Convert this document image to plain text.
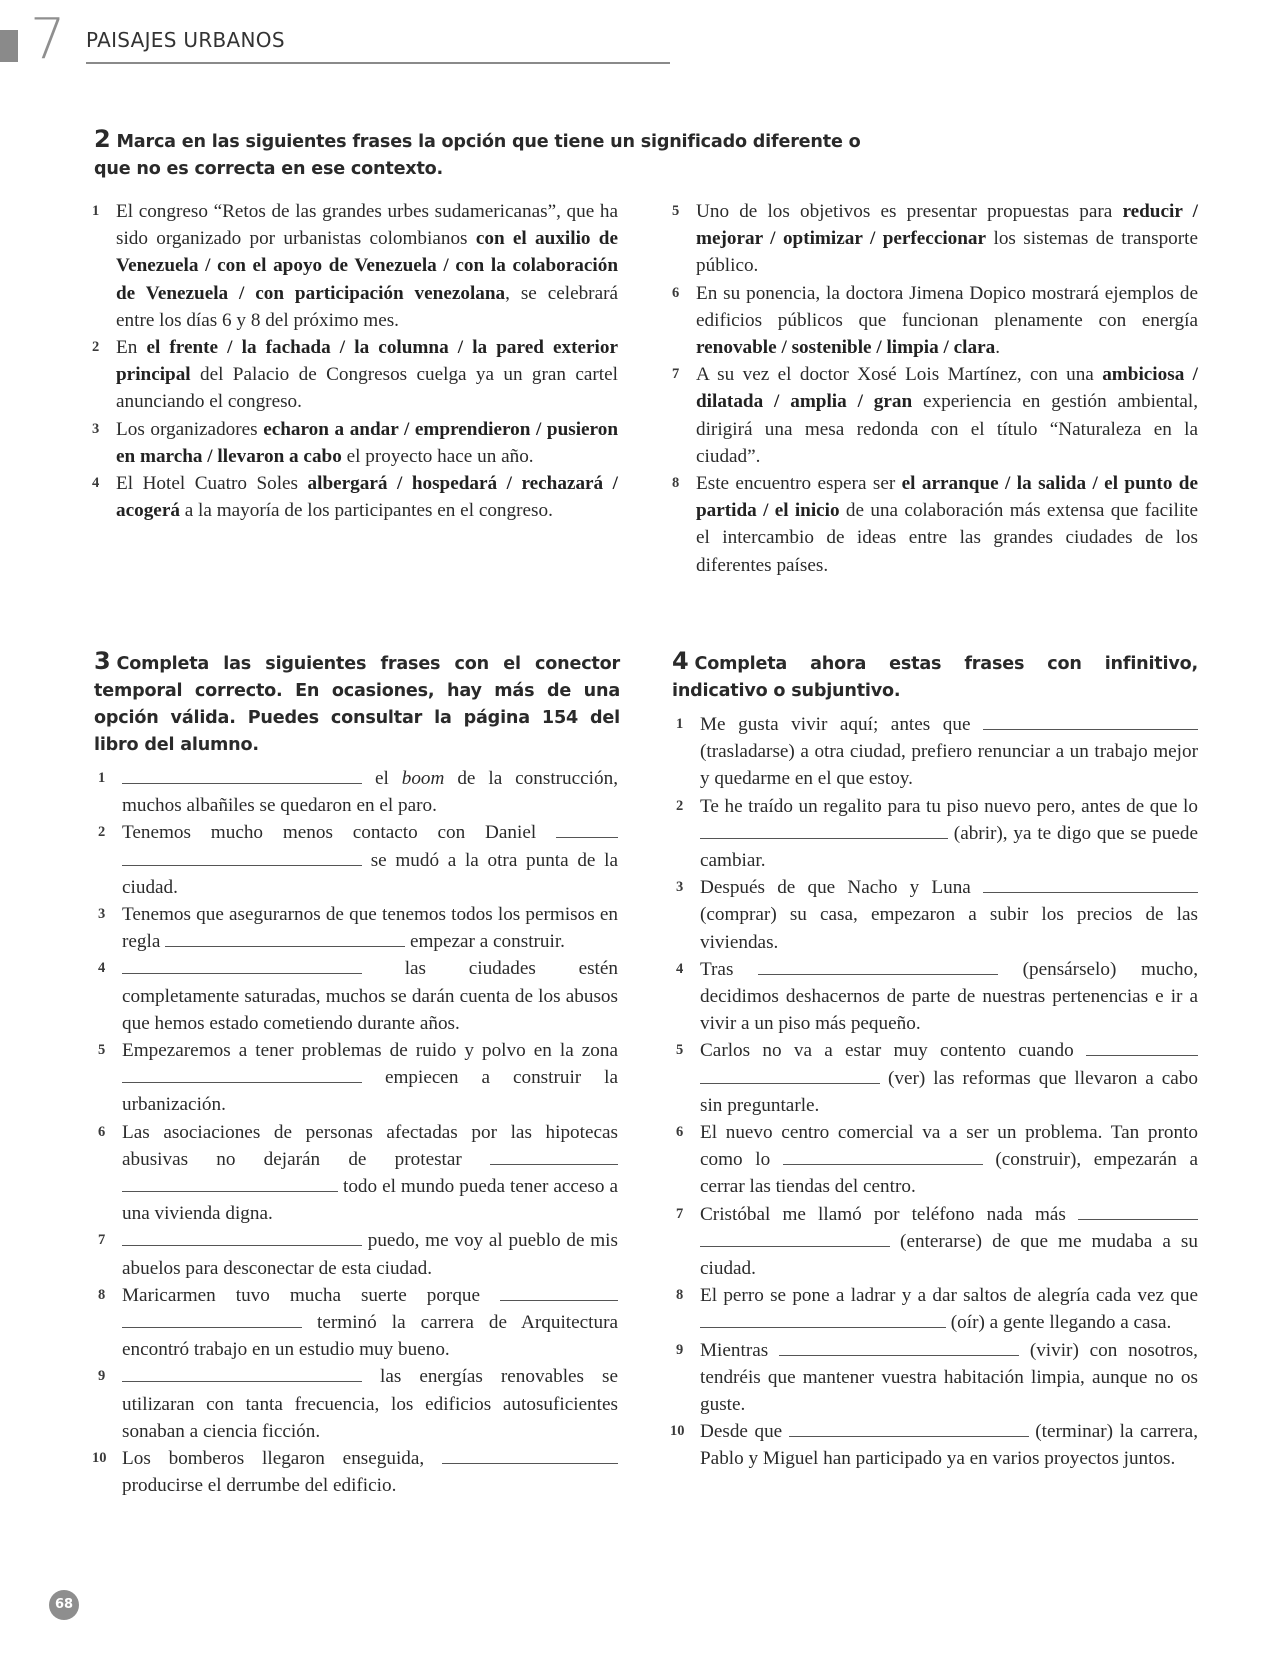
7 PAISAJES URBANOS
2 Marca en las siguientes frases la opción que tiene un significado diferente o que no es correcta en ese contexto.
1 El congreso “Retos de las grandes urbes sudamericanas”, que ha sido organizado por urbanistas colombianos con el auxilio de Venezuela / con el apoyo de Venezuela / con la colaboración de Venezuela / con participación venezolana, se celebrará entre los días 6 y 8 del próximo mes.
2 En el frente / la fachada / la columna / la pared exterior principal del Palacio de Congresos cuelga ya un gran cartel anunciando el congreso.
3 Los organizadores echaron a andar / emprendieron / pusieron en marcha / llevaron a cabo el proyecto hace un año.
4 El Hotel Cuatro Soles albergará / hospedará / rechazará / acogerá a la mayoría de los participantes en el congreso.
5 Uno de los objetivos es presentar propuestas para reducir / mejorar / optimizar / perfeccionar los sistemas de transporte público.
6 En su ponencia, la doctora Jimena Dopico mostrará ejemplos de edificios públicos que funcionan plenamente con energía renovable / sostenible / limpia / clara.
7 A su vez el doctor Xosé Lois Martínez, con una ambiciosa / dilatada / amplia / gran experiencia en gestión ambiental, dirigirá una mesa redonda con el título “Naturaleza en la ciudad”.
8 Este encuentro espera ser el arranque / la salida / el punto de partida / el inicio de una colaboración más extensa que facilite el intercambio de ideas entre las grandes ciudades de los diferentes países.
3 Completa las siguientes frases con el conector temporal correcto. En ocasiones, hay más de una opción válida. Puedes consultar la página 154 del libro del alumno.
1	el boom de la construcción, muchos albañiles se quedaron en el paro.
2 Tenemos mucho menos contacto con Daniel   se mudó a la otra punta de la ciudad.
3 Tenemos que asegurarnos de que tenemos todos los permisos en regla	empezar a construir.
4	las ciudades estén completamente saturadas, muchos se darán cuenta de los abusos que hemos estado cometiendo durante años.
5 Empezaremos a tener problemas de ruido y polvo en la zona  empiecen a construir la urbanización.
6 Las asociaciones de personas afectadas por las hipotecas abusivas no dejarán de protestar   todo el mundo pueda tener acceso a una vivienda digna.
7	puedo, me voy al pueblo de mis abuelos para desconectar de esta ciudad.
8 Maricarmen tuvo mucha suerte porque   terminó la carrera de Arquitectura encontró trabajo en un estudio muy bueno.
9	las energías renovables se utilizaran con tanta frecuencia, los edificios autosuficientes sonaban a ciencia ficción.
10 Los bomberos llegaron enseguida,  producirse el derrumbe del edificio.
4 Completa ahora estas frases con infinitivo, indicativo o subjuntivo.
1 Me gusta vivir aquí; antes que  (trasladarse) a otra ciudad, prefiero renunciar a un trabajo mejor y quedarme en el que estoy.
2 Te he traído un regalito para tu piso nuevo pero, antes de que lo  (abrir), ya te digo que se puede cambiar.
3 Después de que Nacho y Luna  (comprar) su casa, empezaron a subir los precios de las viviendas.
4 Tras	(pensárselo) mucho, decidimos deshacernos de parte de nuestras pertenencias e ir a vivir a un piso más pequeño.
5 Carlos no va a estar muy contento cuando   (ver) las reformas que llevaron a cabo sin preguntarle.
6 El nuevo centro comercial va a ser un problema. Tan pronto como lo	(construir), empezarán a cerrar las tiendas del centro.
7 Cristóbal me llamó por teléfono nada más   (enterarse) de que me mudaba a su ciudad.
8 El perro se pone a ladrar y a dar saltos de alegría cada vez que  (oír) a gente llegando a casa.
9 Mientras	(vivir) con nosotros, tendréis que mantener vuestra habitación limpia, aunque no os guste.
10 Desde que	(terminar) la carrera, Pablo y Miguel han participado ya en varios proyectos juntos.
68
